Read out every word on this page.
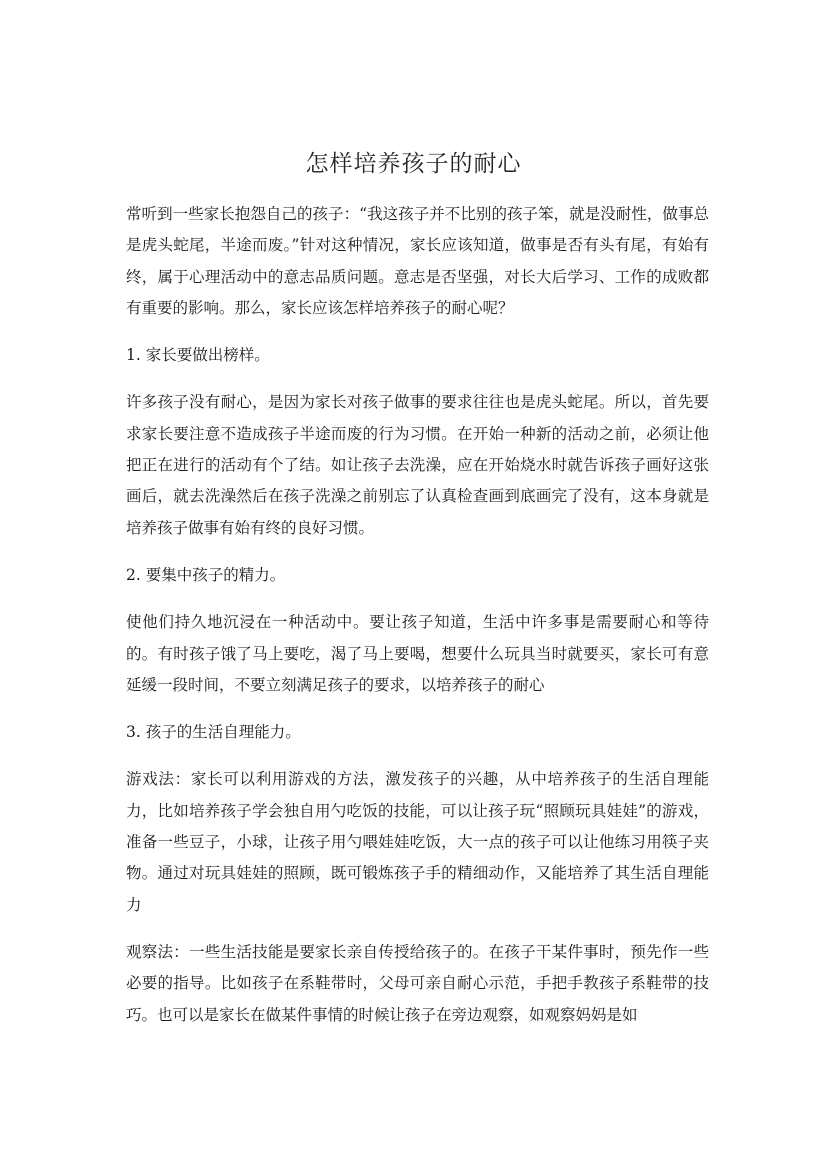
怎样培养孩子的耐心

常听到一些家长抱怨自己的孩子：“我这孩子并不比别的孩子笨，就是没耐性，做事总是虎头蛇尾，半途而废。”针对这种情况，家长应该知道，做事是否有头有尾，有始有终，属于心理活动中的意志品质问题。意志是否坚强，对长大后学习、工作的成败都有重要的影响。那么，家长应该怎样培养孩子的耐心呢？

1. 家长要做出榜样。

许多孩子没有耐心，是因为家长对孩子做事的要求往往也是虎头蛇尾。所以，首先要求家长要注意不造成孩子半途而废的行为习惯。在开始一种新的活动之前，必须让他把正在进行的活动有个了结。如让孩子去洗澡，应在开始烧水时就告诉孩子画好这张画后，就去洗澡然后在孩子洗澡之前别忘了认真检查画到底画完了没有，这本身就是培养孩子做事有始有终的良好习惯。

2. 要集中孩子的精力。

使他们持久地沉浸在一种活动中。要让孩子知道，生活中许多事是需要耐心和等待的。有时孩子饿了马上要吃，渴了马上要喝，想要什么玩具当时就要买，家长可有意延缓一段时间，不要立刻满足孩子的要求，以培养孩子的耐心

3. 孩子的生活自理能力。

游戏法：家长可以利用游戏的方法，激发孩子的兴趣，从中培养孩子的生活自理能力，比如培养孩子学会独自用勺吃饭的技能，可以让孩子玩“照顾玩具娃娃”的游戏，准备一些豆子，小球，让孩子用勺喂娃娃吃饭，大一点的孩子可以让他练习用筷子夹物。通过对玩具娃娃的照顾，既可锻炼孩子手的精细动作，又能培养了其生活自理能力

观察法：一些生活技能是要家长亲自传授给孩子的。在孩子干某件事时，预先作一些必要的指导。比如孩子在系鞋带时，父母可亲自耐心示范，手把手教孩子系鞋带的技巧。也可以是家长在做某件事情的时候让孩子在旁边观察，如观察妈妈是如
